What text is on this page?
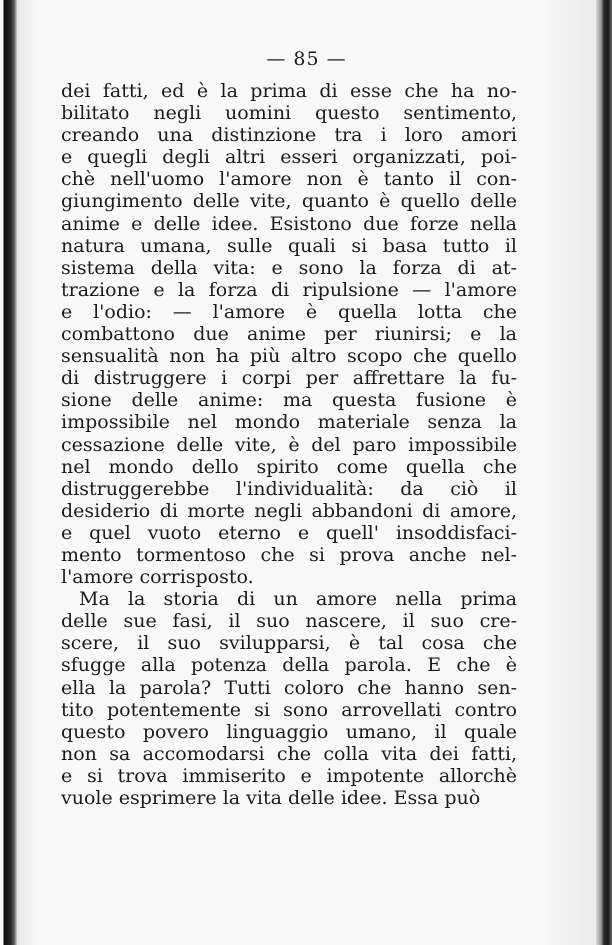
— 85 —
dei fatti, ed è la prima di esse che ha no-
bilitato negli uomini questo sentimento,
creando una distinzione tra i loro amori
e quegli degli altri esseri organizzati, poi-
chè nell'uomo l'amore non è tanto il con-
giungimento delle vite, quanto è quello delle
anime e delle idee. Esistono due forze nella
natura umana, sulle quali si basa tutto il
sistema della vita: e sono la forza di at-
trazione e la forza di ripulsione — l'amore
e l'odio: — l'amore è quella lotta che
combattono due anime per riunirsi; e la
sensualità non ha più altro scopo che quello
di distruggere i corpi per affrettare la fu-
sione delle anime: ma questa fusione è
impossibile nel mondo materiale senza la
cessazione delle vite, è del paro impossibile
nel mondo dello spirito come quella che
distruggerebbe l'individualità: da ciò il
desiderio di morte negli abbandoni di amore,
e quel vuoto eterno e quell' insoddisfaci-
mento tormentoso che si prova anche nel-
l'amore corrisposto.
Ma la storia di un amore nella prima
delle sue fasi, il suo nascere, il suo cre-
scere, il suo svilupparsi, è tal cosa che
sfugge alla potenza della parola. E che è
ella la parola? Tutti coloro che hanno sen-
tito potentemente si sono arrovellati contro
questo povero linguaggio umano, il quale
non sa accomodarsi che colla vita dei fatti,
e si trova immiserito e impotente allorchè
vuole esprimere la vita delle idee. Essa può
